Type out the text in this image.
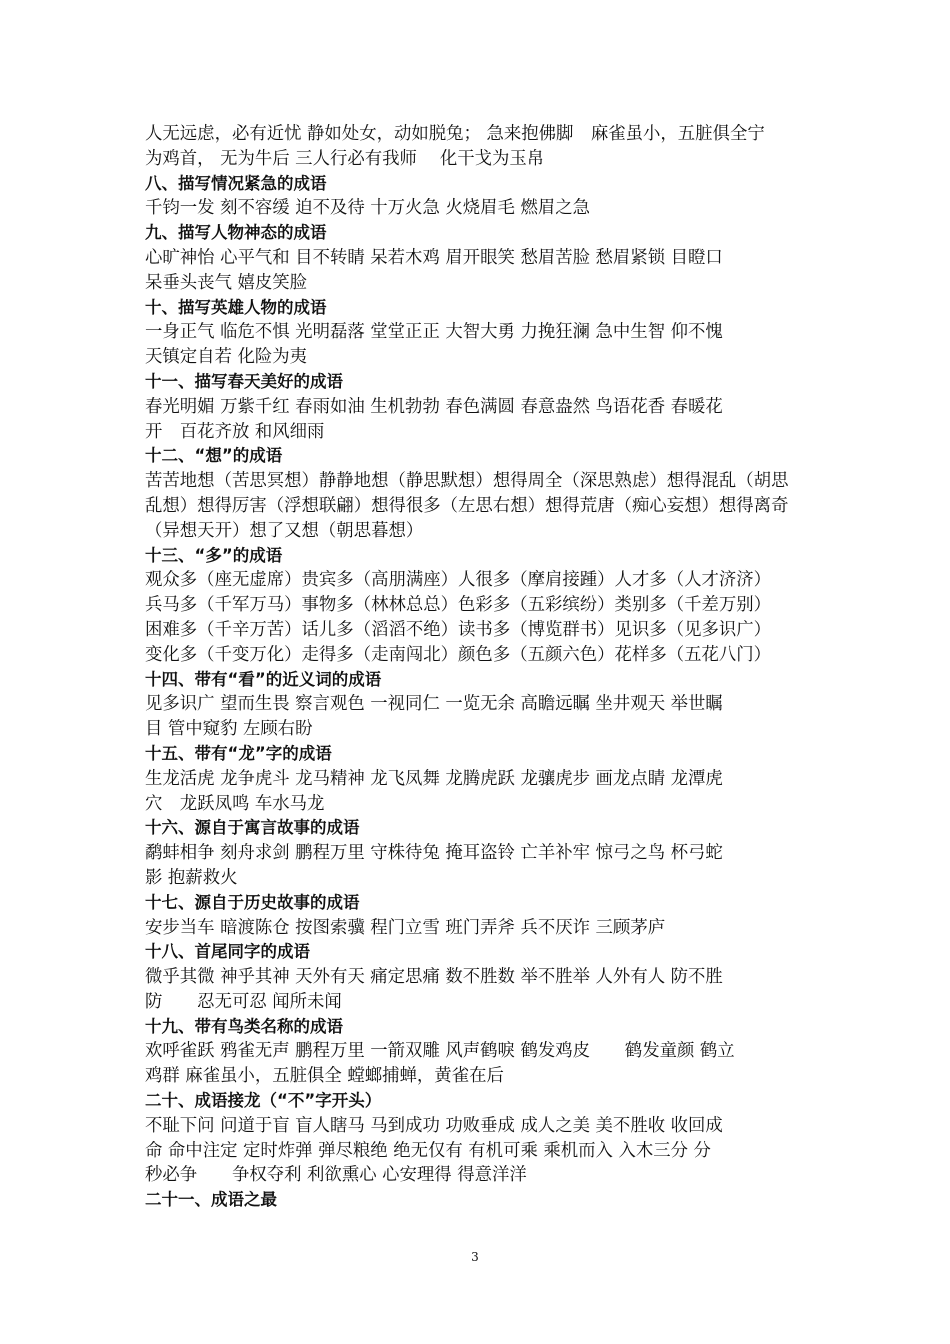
人无远虑，必有近忧 静如处女，动如脱兔； 急来抱佛脚　麻雀虽小，五脏俱全宁
为鸡首， 无为牛后 三人行必有我师　 化干戈为玉帛
八、描写情况紧急的成语
千钧一发 刻不容缓 迫不及待 十万火急 火烧眉毛 燃眉之急
九、描写人物神态的成语
心旷神怡 心平气和 目不转睛 呆若木鸡 眉开眼笑 愁眉苦脸 愁眉紧锁 目瞪口
呆垂头丧气 嬉皮笑脸
十、描写英雄人物的成语
一身正气 临危不惧 光明磊落 堂堂正正 大智大勇 力挽狂澜 急中生智 仰不愧
天镇定自若 化险为夷
十一、描写春天美好的成语
春光明媚 万紫千红 春雨如油 生机勃勃 春色满圆 春意盎然 鸟语花香 春暖花
开　百花齐放 和风细雨
十二、“想”的成语
苦苦地想（苦思冥想）静静地想（静思默想）想得周全（深思熟虑）想得混乱（胡思
乱想）想得厉害（浮想联翩）想得很多（左思右想）想得荒唐（痴心妄想）想得离奇
（异想天开）想了又想（朝思暮想）
十三、“多”的成语
观众多（座无虚席）贵宾多（高朋满座）人很多（摩肩接踵）人才多（人才济济）
兵马多（千军万马）事物多（林林总总）色彩多（五彩缤纷）类别多（千差万别）
困难多（千辛万苦）话儿多（滔滔不绝）读书多（博览群书）见识多（见多识广）
变化多（千变万化）走得多（走南闯北）颜色多（五颜六色）花样多（五花八门）
十四、带有“看”的近义词的成语
见多识广 望而生畏 察言观色 一视同仁 一览无余 高瞻远瞩 坐井观天 举世瞩
目 管中窥豹 左顾右盼
十五、带有“龙”字的成语
生龙活虎 龙争虎斗 龙马精神 龙飞凤舞 龙腾虎跃 龙骧虎步 画龙点睛 龙潭虎
穴　龙跃凤鸣 车水马龙
十六、源自于寓言故事的成语
鹬蚌相争 刻舟求剑 鹏程万里 守株待兔 掩耳盗铃 亡羊补牢 惊弓之鸟 杯弓蛇
影 抱薪救火
十七、源自于历史故事的成语
安步当车 暗渡陈仓 按图索骥 程门立雪 班门弄斧 兵不厌诈 三顾茅庐
十八、首尾同字的成语
微乎其微 神乎其神 天外有天 痛定思痛 数不胜数 举不胜举 人外有人 防不胜
防　　忍无可忍 闻所未闻
十九、带有鸟类名称的成语
欢呼雀跃 鸦雀无声 鹏程万里 一箭双雕 风声鹤唳 鹤发鸡皮　　鹤发童颜 鹤立
鸡群 麻雀虽小，五脏俱全 螳螂捕蝉，黄雀在后
二十、成语接龙（“不”字开头）
不耻下问 问道于盲 盲人瞎马 马到成功 功败垂成 成人之美 美不胜收 收回成
命 命中注定 定时炸弹 弹尽粮绝 绝无仅有 有机可乘 乘机而入 入木三分 分
秒必争　　争权夺利 利欲熏心 心安理得 得意洋洋
二十一、成语之最
3
